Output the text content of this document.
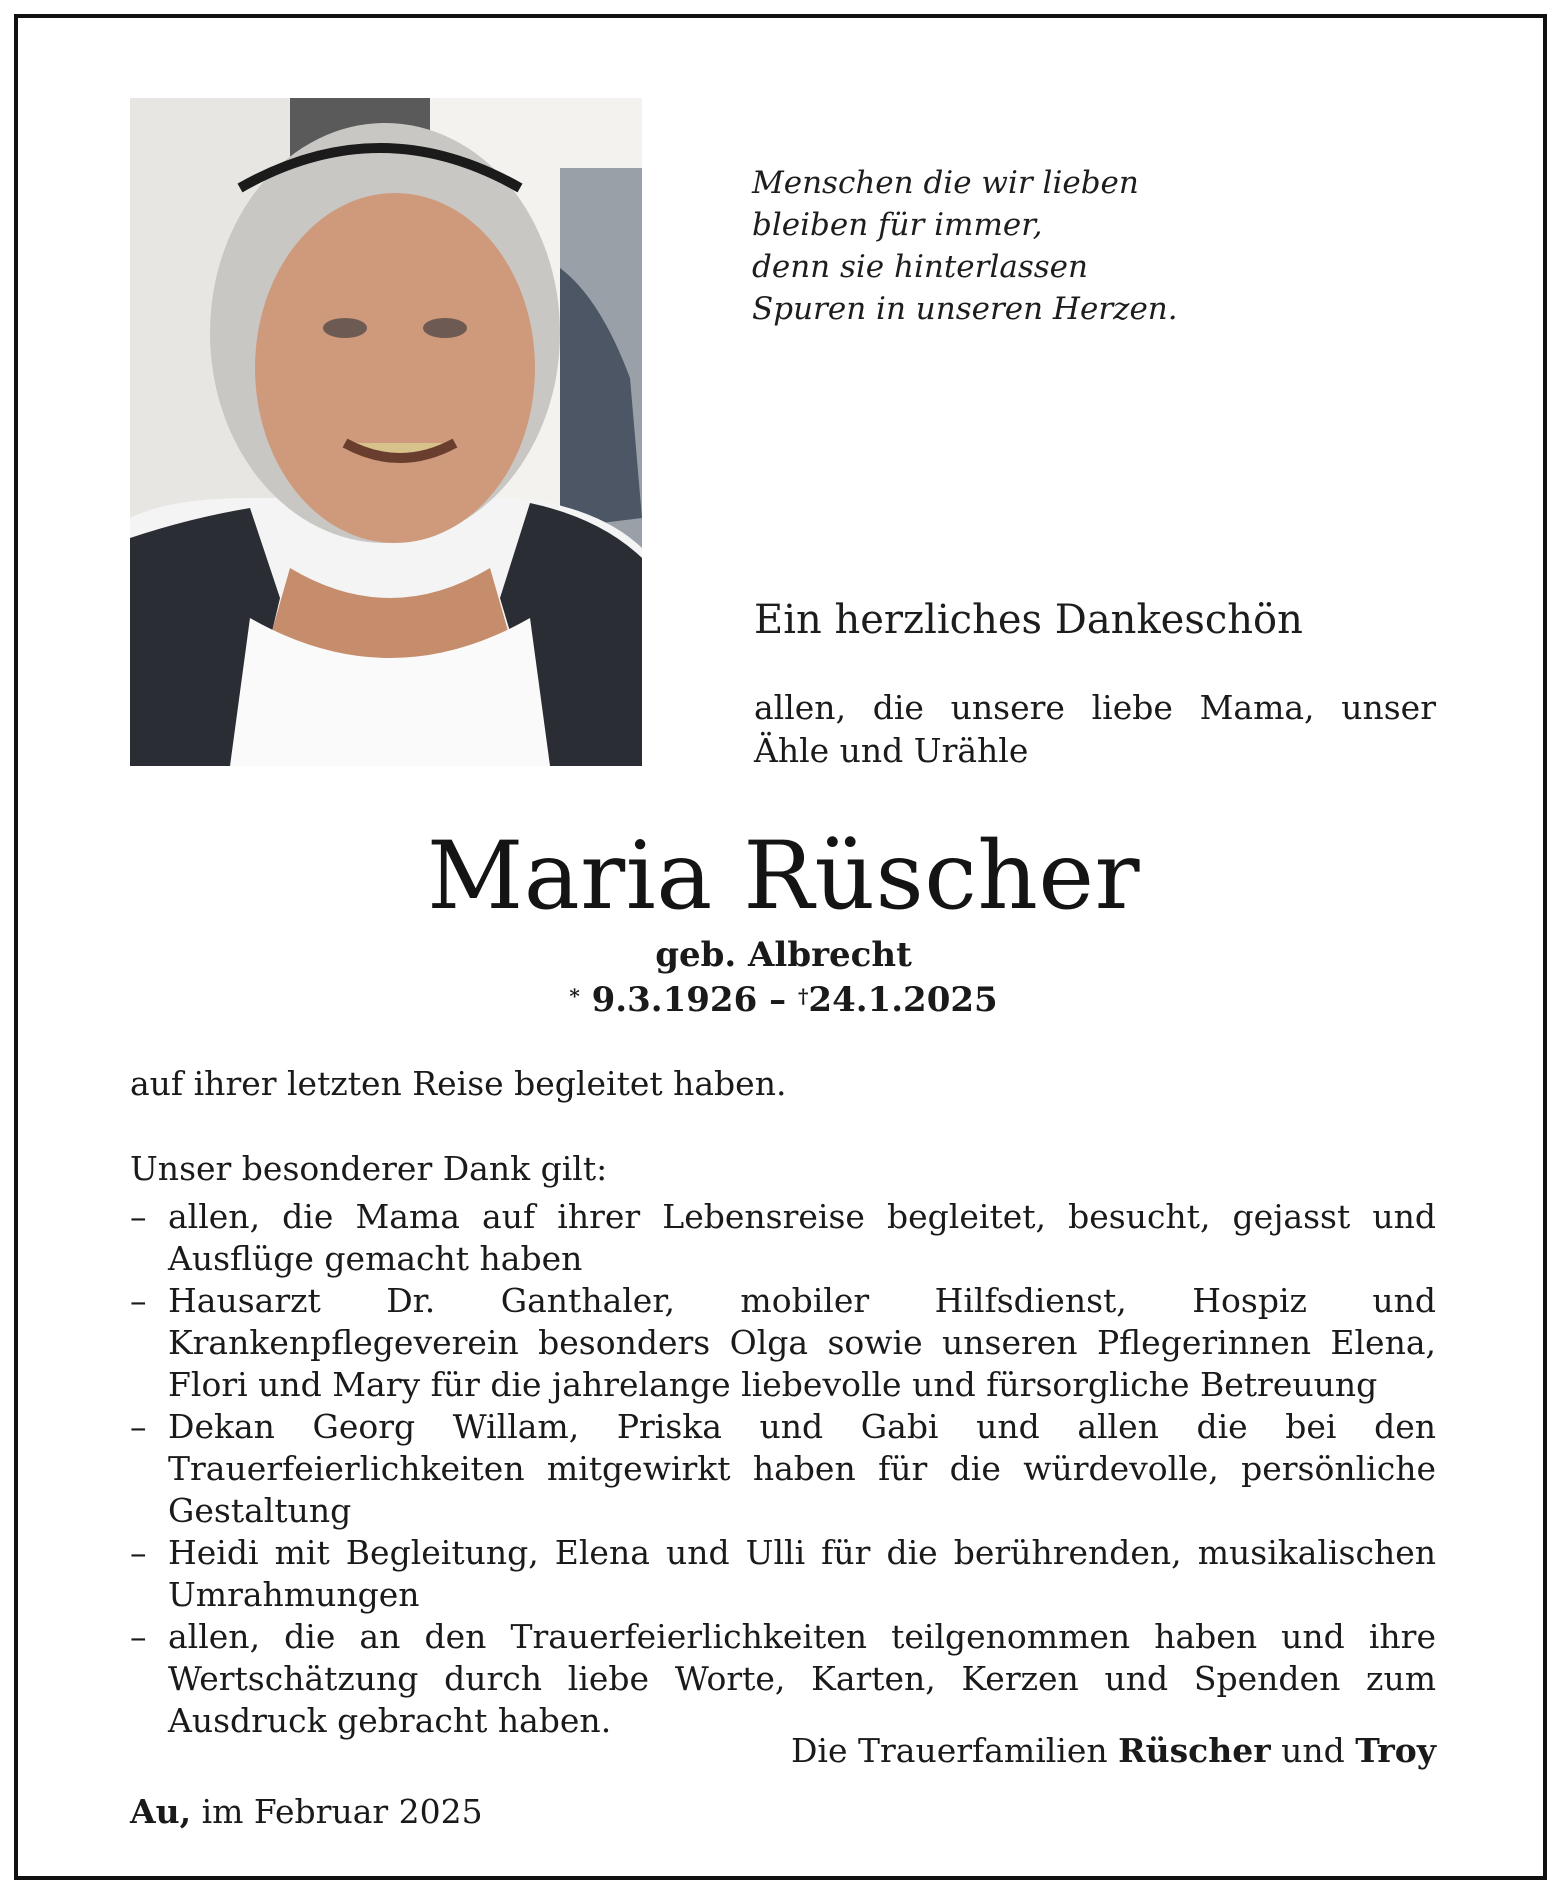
Menschen die wir lieben
bleiben für immer,
denn sie hinterlassen
Spuren in unseren Herzen.
Ein herzliches Dankeschön
allen, die unsere liebe Mama, unser
Ähle und Urähle
Maria Rüscher
geb. Albrecht
* 9.3.1926 – †24.1.2025
auf ihrer letzten Reise begleitet haben.
Unser besonderer Dank gilt:
– allen, die Mama auf ihrer Lebensreise begleitet, besucht, gejasst und Ausflüge gemacht haben
– Hausarzt Dr. Ganthaler, mobiler Hilfsdienst, Hospiz und Krankenpflegeverein besonders Olga sowie unseren Pflegerinnen Elena, Flori und Mary für die jahrelange liebevolle und fürsorgliche Betreuung
– Dekan Georg Willam, Priska und Gabi und allen die bei den Trauerfeierlichkeiten mitgewirkt haben für die würdevolle, persönliche Gestaltung
– Heidi mit Begleitung, Elena und Ulli für die berührenden, musikalischen Umrahmungen
– allen, die an den Trauerfeierlichkeiten teilgenommen haben und ihre Wertschätzung durch liebe Worte, Karten, Kerzen und Spenden zum Ausdruck gebracht haben.
Die Trauerfamilien Rüscher und Troy
Au, im Februar 2025
